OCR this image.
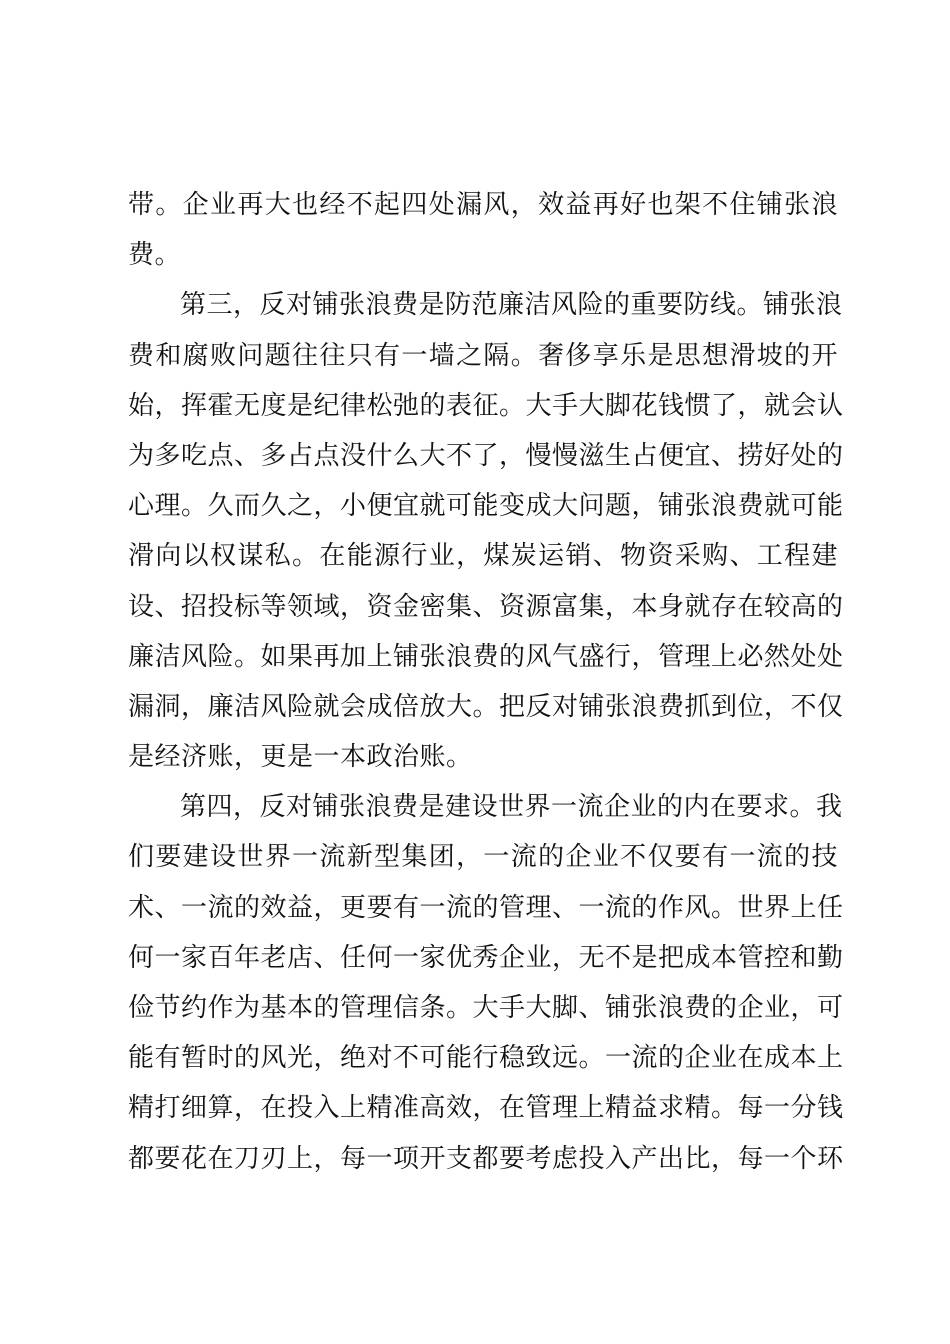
带。企业再大也经不起四处漏风，效益再好也架不住铺张浪
费。
第三，反对铺张浪费是防范廉洁风险的重要防线。铺张浪
费和腐败问题往往只有一墙之隔。奢侈享乐是思想滑坡的开
始，挥霍无度是纪律松弛的表征。大手大脚花钱惯了，就会认
为多吃点、多占点没什么大不了，慢慢滋生占便宜、捞好处的
心理。久而久之，小便宜就可能变成大问题，铺张浪费就可能
滑向以权谋私。在能源行业，煤炭运销、物资采购、工程建
设、招投标等领域，资金密集、资源富集，本身就存在较高的
廉洁风险。如果再加上铺张浪费的风气盛行，管理上必然处处
漏洞，廉洁风险就会成倍放大。把反对铺张浪费抓到位，不仅
是经济账，更是一本政治账。
第四，反对铺张浪费是建设世界一流企业的内在要求。我
们要建设世界一流新型集团，一流的企业不仅要有一流的技
术、一流的效益，更要有一流的管理、一流的作风。世界上任
何一家百年老店、任何一家优秀企业，无不是把成本管控和勤
俭节约作为基本的管理信条。大手大脚、铺张浪费的企业，可
能有暂时的风光，绝对不可能行稳致远。一流的企业在成本上
精打细算，在投入上精准高效，在管理上精益求精。每一分钱
都要花在刀刃上，每一项开支都要考虑投入产出比，每一个环
